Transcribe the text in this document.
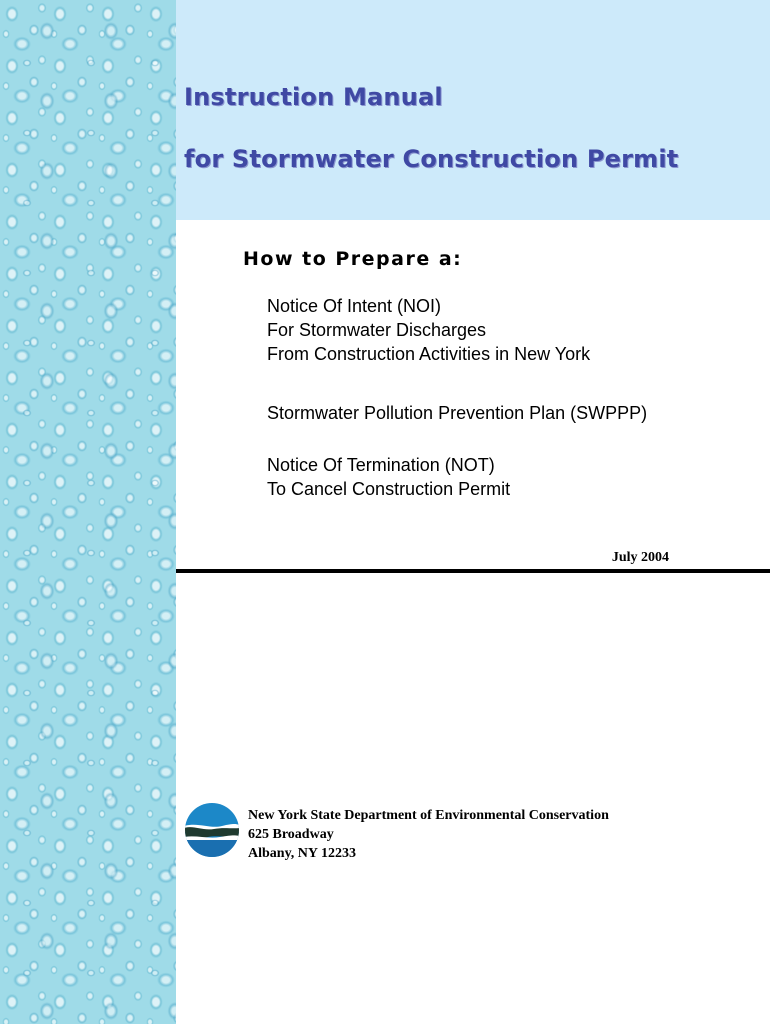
Instruction Manual
for Stormwater Construction Permit
How to Prepare a:
Notice Of Intent (NOI)
For Stormwater Discharges
From Construction Activities in New York
Stormwater Pollution Prevention Plan (SWPPP)
Notice Of Termination (NOT)
To Cancel Construction Permit
July 2004
New York State Department of Environmental Conservation
625 Broadway
Albany, NY 12233
